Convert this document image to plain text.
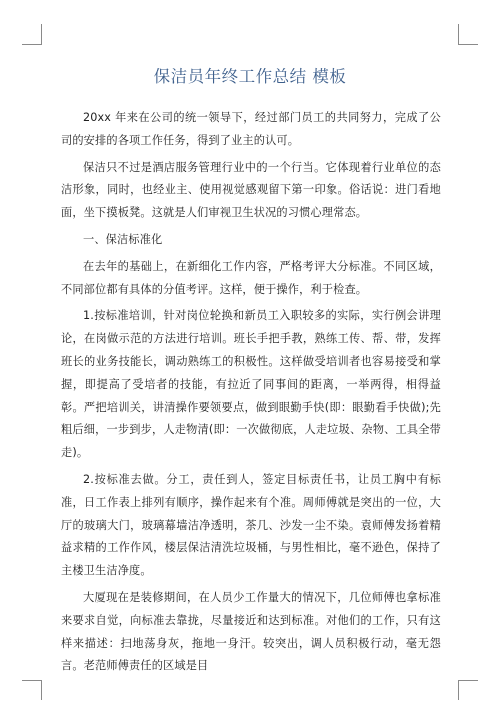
保洁员年终工作总结 模板

20xx 年来在公司的统一领导下，经过部门员工的共同努力，完成了公司的安排的各项工作任务，得到了业主的认可。

保洁只不过是酒店服务管理行业中的一个行当。它体现着行业单位的态洁形象，同时，也经业主、使用视觉感观留下第一印象。俗话说：进门看地面，坐下摸板凳。这就是人们审视卫生状况的习惯心理常态。

一、保洁标准化

在去年的基础上，在新细化工作内容，严格考评大分标准。不同区域，不同部位都有具体的分值考评。这样，便于操作，利于检查。

1.按标准培训，针对岗位轮换和新员工入职较多的实际，实行例会讲理论，在岗做示范的方法进行培训。班长手把手教，熟练工传、帮、带，发挥班长的业务技能长，调动熟练工的积极性。这样做受培训者也容易接受和掌握，即提高了受培者的技能，有拉近了同事间的距离，一举两得，相得益彰。严把培训关，讲清操作要领要点，做到眼勤手快(即：眼勤看手快做);先粗后细，一步到步，人走物清(即：一次做彻底，人走垃圾、杂物、工具全带走)。

2.按标准去做。分工，责任到人，签定目标责任书，让员工胸中有标准，日工作表上排列有顺序，操作起来有个准。周师傅就是突出的一位，大厅的玻璃大门，玻璃幕墙洁净透明，茶几、沙发一尘不染。袁师傅发扬着精益求精的工作作风，楼层保洁清洗垃圾桶，与男性相比，毫不逊色，保持了主楼卫生洁净度。

大厦现在是装修期间，在人员少工作量大的情况下，几位师傅也拿标准来要求自觉，向标准去靠拢，尽量接近和达到标准。对他们的工作，只有这样来描述：扫地荡身灰，拖地一身汗。较突出，调人员积极行动，毫无怨言。老范师傅责任的区域是目
